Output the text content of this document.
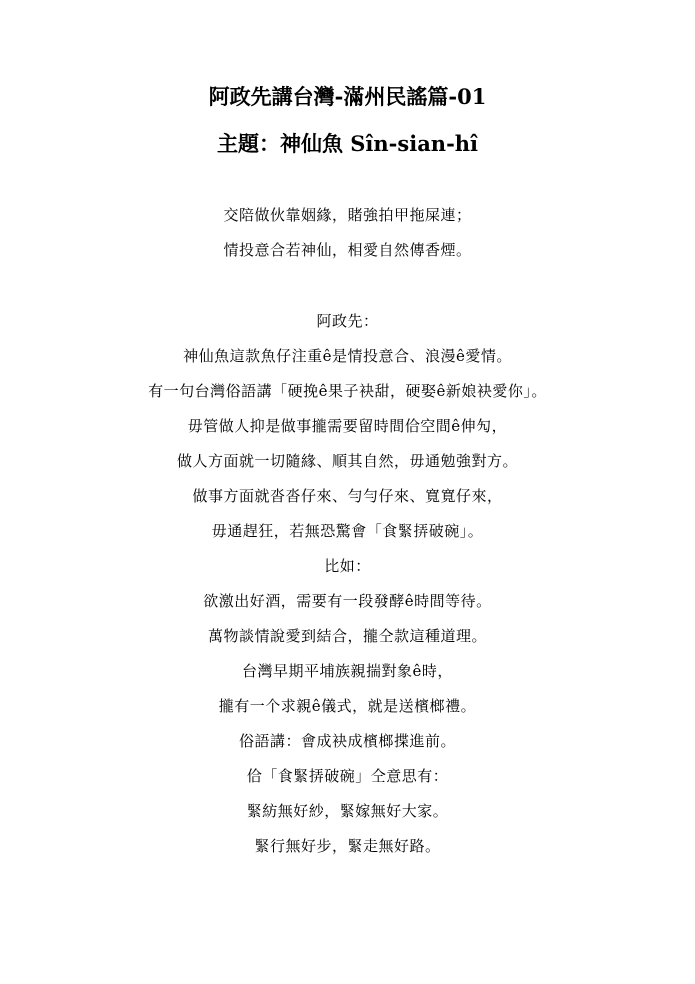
阿政先講台灣-滿州民謠篇-01
主題：神仙魚 Sîn-sian-hî
交陪做伙靠姻緣，賭強拍甲拖屎連；
情投意合若神仙，相愛自然傳香煙。
阿政先：
神仙魚這款魚仔注重ê是情投意合、浪漫ê愛情。
有一句台灣俗語講「硬挽ê果子袂甜，硬娶ê新娘袂愛你」。
毋管做人抑是做事攏需要留時間佮空間ê伸勼，
做人方面就一切隨緣、順其自然，毋通勉強對方。
做事方面就沓沓仔來、勻勻仔來、寬寬仔來，
毋通趕狂，若無恐驚會「食緊挵破碗」。
比如：
欲激出好酒，需要有一段發酵ê時間等待。
萬物談情說愛到結合，攏仝款這種道理。
台灣早期平埔族親揣對象ê時，
攏有一个求親ê儀式，就是送檳榔禮。
俗語講：會成袂成檳榔揲進前。
佮「食緊挵破碗」仝意思有：
緊紡無好紗，緊嫁無好大家。
緊行無好步，緊走無好路。
